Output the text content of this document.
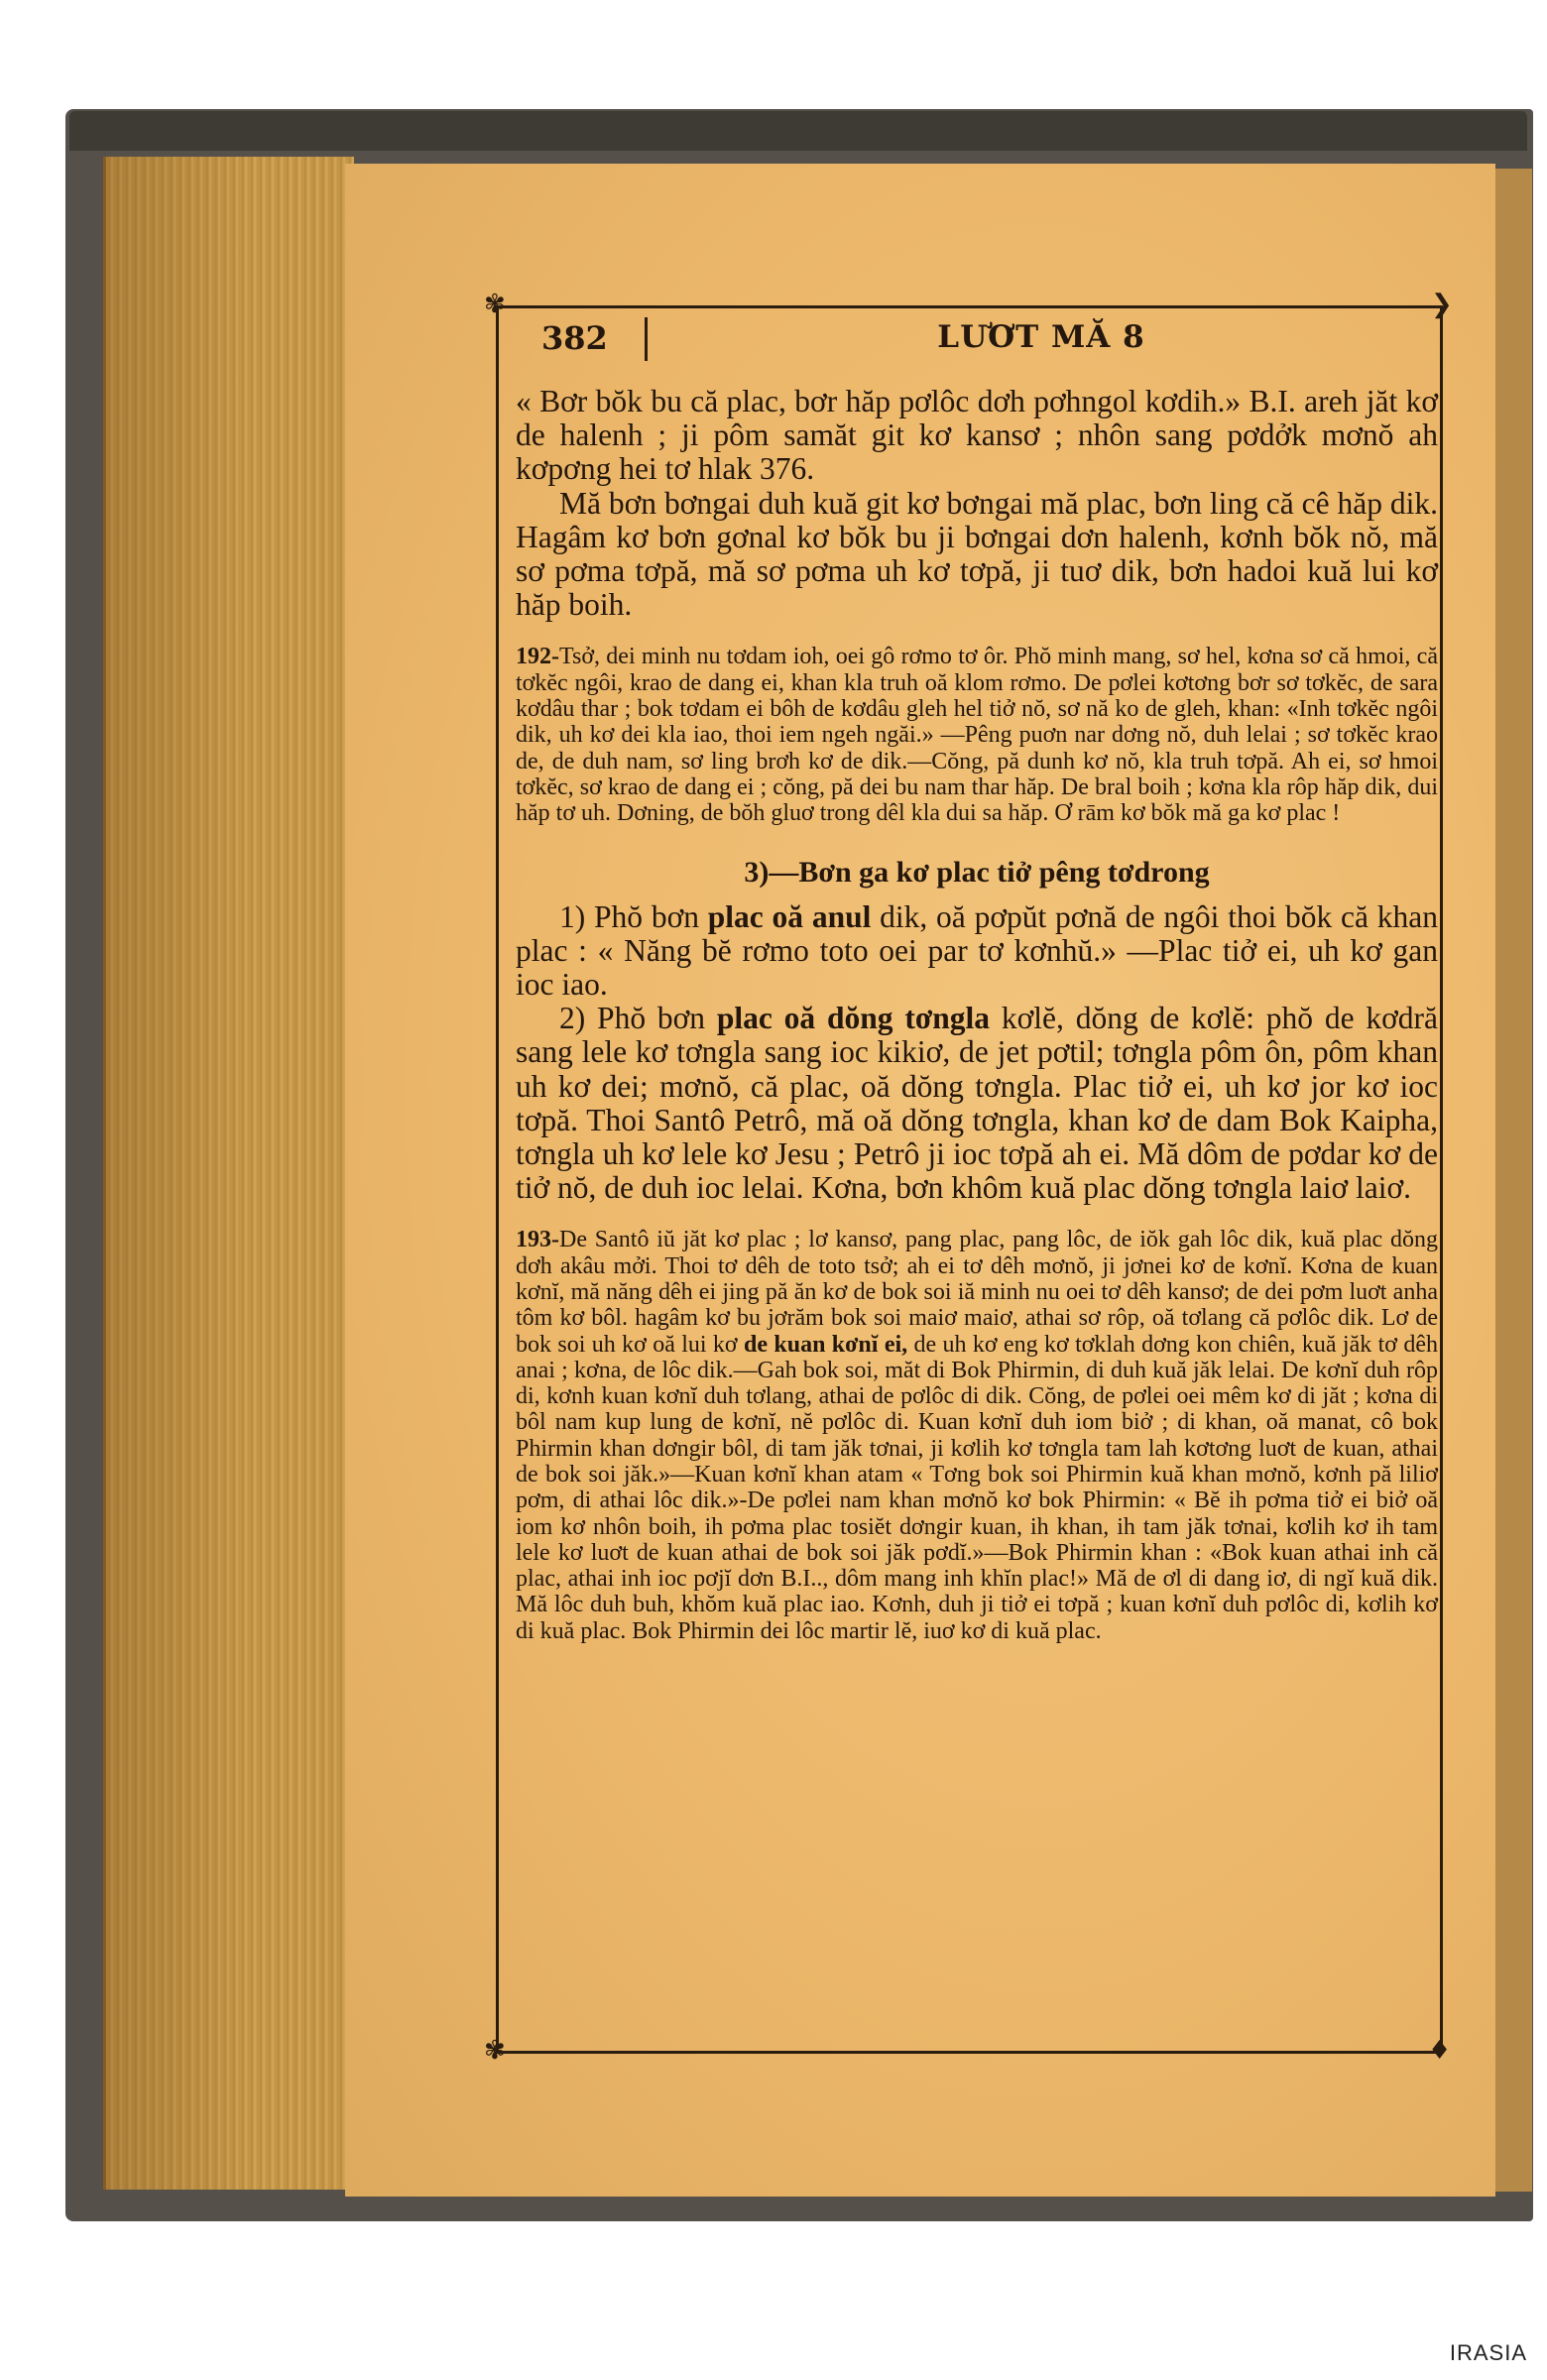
✾	❯
✾	♦
382	LƯƠT MĂ 8

« Bơr bŏk bu că plac, bơr hăp pơlôc dơh pơhngol kơdih.» B.I. areh jăt kơ de halenh ; ji pôm samăt git kơ kansơ ; nhôn sang pơdởk mơnŏ ah kơpơng hei tơ hlak 376.

Mă bơn bơngai duh kuă git kơ bơngai mă plac, bơn ling că cê hăp dik. Hagâm kơ bơn gơnal kơ bŏk bu ji bơngai dơn halenh, kơnh bŏk nŏ, mă sơ pơma tơpă, mă sơ pơma uh kơ tơpă, ji tuơ dik, bơn hadoi kuă lui kơ hăp boih.

192-Tsở, dei minh nu tơdam ioh, oei gô rơmo tơ ôr. Phŏ minh mang, sơ hel, kơna sơ că hmoi, că tơkĕc ngôi, krao de dang ei, khan kla truh oă klom rơmo. De pơlei kơtơng bơr sơ tơkĕc, de sara kơdâu thar ; bok tơdam ei bôh de kơdâu gleh hel tiở nŏ, sơ nă ko de gleh, khan: «Inh tơkĕc ngôi dik, uh kơ dei kla iao, thoi iem ngeh ngăi.» —Pêng puơn nar dơng nŏ, duh lelai ; sơ tơkĕc krao de, de duh nam, sơ ling brơh kơ de dik.—Cŏng, pă dunh kơ nŏ, kla truh tơpă. Ah ei, sơ hmoi tơkĕc, sơ krao de dang ei ; cŏng, pă dei bu nam thar hăp. De bral boih ; kơna kla rôp hăp dik, dui hăp tơ uh. Dơning, de bŏh gluơ trong dêl kla dui sa hăp. Ơ rām kơ bŏk mă ga kơ plac !

3)—Bơn ga kơ plac tiở pêng tơdrong

1) Phŏ bơn plac oă anul dik, oă pơpŭt pơnă de ngôi thoi bŏk că khan plac : « Năng bĕ rơmo toto oei par tơ kơnhŭ.» —Plac tiở ei, uh kơ gan ioc iao.

2) Phŏ bơn plac oă dŏng tơngla kơlĕ, dŏng de kơlĕ: phŏ de kơdră sang lele kơ tơngla sang ioc kikiơ, de jet pơtil; tơngla pôm ôn, pôm khan uh kơ dei; mơnŏ, că plac, oă dŏng tơngla. Plac tiở ei, uh kơ jor kơ ioc tơpă. Thoi Santô Petrô, mă oă dŏng tơngla, khan kơ de dam Bok Kaipha, tơngla uh kơ lele kơ Jesu ; Petrô ji ioc tơpă ah ei. Mă dôm de pơdar kơ de tiở nŏ, de duh ioc lelai. Kơna, bơn khôm kuă plac dŏng tơngla laiơ laiơ.

193-De Santô iŭ jăt kơ plac ; lơ kansơ, pang plac, pang lôc, de iŏk gah lôc dik, kuă plac dŏng dơh akâu mởi. Thoi tơ dêh de toto tsở; ah ei tơ dêh mơnŏ, ji jơnei kơ de kơnĭ. Kơna de kuan kơnĭ, mă năng dêh ei jing pă ăn kơ de bok soi iă minh nu oei tơ dêh kansơ; de dei pơm luơt anha tôm kơ bôl. hagâm kơ bu jơrăm bok soi maiơ maiơ, athai sơ rôp, oă tơlang că pơlôc dik. Lơ de bok soi uh kơ oă lui kơ de kuan kơnĭ ei, de uh kơ eng kơ tơklah dơng kon chiên, kuă jăk tơ dêh anai ; kơna, de lôc dik.—Gah bok soi, măt di Bok Phirmin, di duh kuă jăk lelai. De kơnĭ duh rôp di, kơnh kuan kơnĭ duh tơlang, athai de pơlôc di dik. Cŏng, de pơlei oei mêm kơ di jăt ; kơna di bôl nam kup lung de kơnĭ, nĕ pơlôc di. Kuan kơnĭ duh iom biở ; di khan, oă manat, cô bok Phirmin khan dơngir bôl, di tam jăk tơnai, ji kơlih kơ tơngla tam lah kơtơng luơt de kuan, athai de bok soi jăk.»—Kuan kơnĭ khan atam « Tơng bok soi Phirmin kuă khan mơnŏ, kơnh pă liliơ pơm, di athai lôc dik.»-De pơlei nam khan mơnŏ kơ bok Phirmin: « Bĕ ih pơma tiở ei biở oă iom kơ nhôn boih, ih pơma plac tosiĕt dơngir kuan, ih khan, ih tam jăk tơnai, kơlih kơ ih tam lele kơ luơt de kuan athai de bok soi jăk pơdĭ.»—Bok Phirmin khan : «Bok kuan athai inh că plac, athai inh ioc pơjĭ dơn B.I.., dôm mang inh khĭn plac!» Mă de ơl di dang iơ, di ngĭ kuă dik. Mă lôc duh buh, khŏm kuă plac iao. Kơnh, duh ji tiở ei tơpă ; kuan kơnĭ duh pơlôc di, kơlih kơ di kuă plac. Bok Phirmin dei lôc martir lĕ, iuơ kơ di kuă plac.

IRASIA
